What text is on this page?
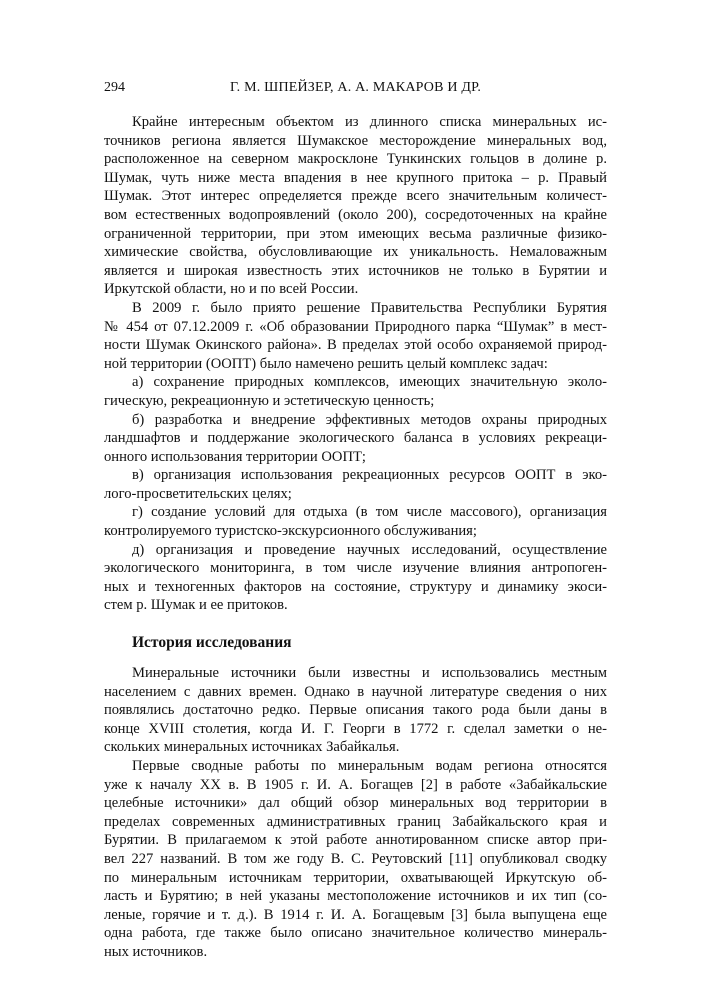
294	Г. М. ШПЕЙЗЕР, А. А. МАКАРОВ И ДР.
Крайне интересным объектом из длинного списка минеральных ис-
точников региона является Шумакское месторождение минеральных вод,
расположенное на северном макросклоне Тункинских гольцов в долине р.
Шумак, чуть ниже места впадения в нее крупного притока – р. Правый
Шумак. Этот интерес определяется прежде всего значительным количест-
вом естественных водопроявлений (около 200), сосредоточенных на крайне
ограниченной территории, при этом имеющих весьма различные физико-
химические свойства, обусловливающие их уникальность. Немаловажным
является и широкая известность этих источников не только в Бурятии и
Иркутской области, но и по всей России.
В 2009 г. было приято решение Правительства Республики Бурятия
№ 454 от 07.12.2009 г. «Об образовании Природного парка “Шумак” в мест-
ности Шумак Окинского района». В пределах этой особо охраняемой природ-
ной территории (ООПТ) было намечено решить целый комплекс задач:
а) сохранение природных комплексов, имеющих значительную эколо-
гическую, рекреационную и эстетическую ценность;
б) разработка и внедрение эффективных методов охраны природных
ландшафтов и поддержание экологического баланса в условиях рекреаци-
онного использования территории ООПТ;
в) организация использования рекреационных ресурсов ООПТ в эко-
лого-просветительских целях;
г) создание условий для отдыха (в том числе массового), организация
контролируемого туристско-экскурсионного обслуживания;
д) организация и проведение научных исследований, осуществление
экологического мониторинга, в том числе изучение влияния антропоген-
ных и техногенных факторов на состояние, структуру и динамику экоси-
стем р. Шумак и ее притоков.
История исследования
Минеральные источники были известны и использовались местным
населением с давних времен. Однако в научной литературе сведения о них
появлялись достаточно редко. Первые описания такого рода были даны в
конце XVIII столетия, когда И. Г. Георги в 1772 г. сделал заметки о не-
скольких минеральных источниках Забайкалья.
Первые сводные работы по минеральным водам региона относятся
уже к началу XX в. В 1905 г. И. А. Богащев [2] в работе «Забайкальские
целебные источники» дал общий обзор минеральных вод территории в
пределах современных административных границ Забайкальского края и
Бурятии. В прилагаемом к этой работе аннотированном списке автор при-
вел 227 названий. В том же году В. С. Реутовский [11] опубликовал сводку
по минеральным источникам территории, охватывающей Иркутскую об-
ласть и Бурятию; в ней указаны местоположение источников и их тип (со-
леные, горячие и т. д.). В 1914 г. И. А. Богащевым [3] была выпущена еще
одна работа, где также было описано значительное количество минераль-
ных источников.
